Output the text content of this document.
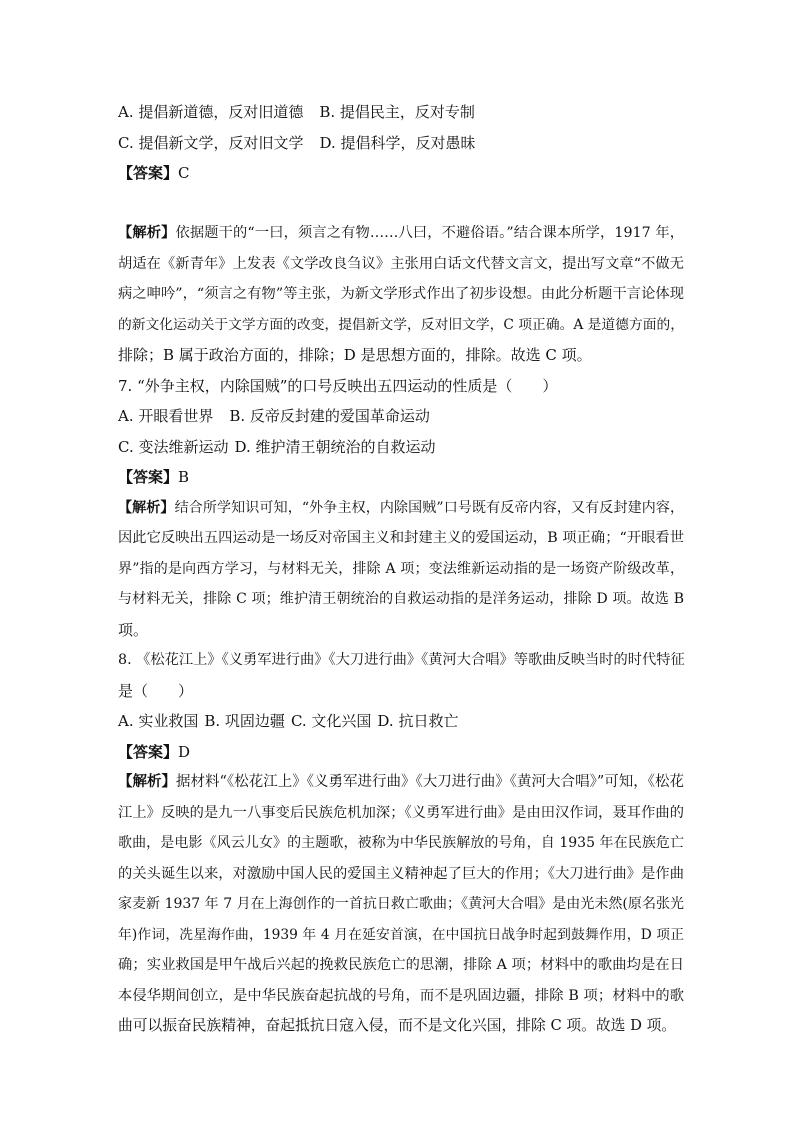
A. 提倡新道德，反对旧道德 B. 提倡民主，反对专制
C. 提倡新文学，反对旧文学 D. 提倡科学，反对愚昧
【答案】C
【解析】依据题干的“一曰，须言之有物……八曰，不避俗语。”结合课本所学，1917 年，
胡适在《新青年》上发表《文学改良刍议》主张用白话文代替文言文，提出写文章“不做无
病之呻吟”，“须言之有物”等主张，为新文学形式作出了初步设想。由此分析题干言论体现
的新文化运动关于文学方面的改变，提倡新文学，反对旧文学，C 项正确。A 是道德方面的，
排除；B 属于政治方面的，排除；D 是思想方面的，排除。故选 C 项。
7. “外争主权，内除国贼”的口号反映出五四运动的性质是（　　）
A. 开眼看世界 B. 反帝反封建的爱国革命运动
C. 变法维新运动 D. 维护清王朝统治的自救运动
【答案】B
【解析】结合所学知识可知，“外争主权，内除国贼”口号既有反帝内容，又有反封建内容，
因此它反映出五四运动是一场反对帝国主义和封建主义的爱国运动，B 项正确；“开眼看世
界”指的是向西方学习，与材料无关，排除 A 项；变法维新运动指的是一场资产阶级改革，
与材料无关，排除 C 项；维护清王朝统治的自救运动指的是洋务运动，排除 D 项。故选 B
项。
8. 《松花江上》《义勇军进行曲》《大刀进行曲》《黄河大合唱》等歌曲反映当时的时代特征
是（　　）
A. 实业救国 B. 巩固边疆 C. 文化兴国 D. 抗日救亡
【答案】D
【解析】据材料“《松花江上》《义勇军进行曲》《大刀进行曲》《黄河大合唱》”可知，《松花
江上》反映的是九一八事变后民族危机加深；《义勇军进行曲》是由田汉作词，聂耳作曲的
歌曲，是电影《风云儿女》的主题歌，被称为中华民族解放的号角，自 1935 年在民族危亡
的关头诞生以来，对激励中国人民的爱国主义精神起了巨大的作用；《大刀进行曲》是作曲
家麦新 1937 年 7 月在上海创作的一首抗日救亡歌曲；《黄河大合唱》是由光未然(原名张光
年)作词，冼星海作曲，1939 年 4 月在延安首演，在中国抗日战争时起到鼓舞作用，D 项正
确；实业救国是甲午战后兴起的挽救民族危亡的思潮，排除 A 项；材料中的歌曲均是在日
本侵华期间创立，是中华民族奋起抗战的号角，而不是巩固边疆，排除 B 项；材料中的歌
曲可以振奋民族精神，奋起抵抗日寇入侵，而不是文化兴国，排除 C 项。故选 D 项。
